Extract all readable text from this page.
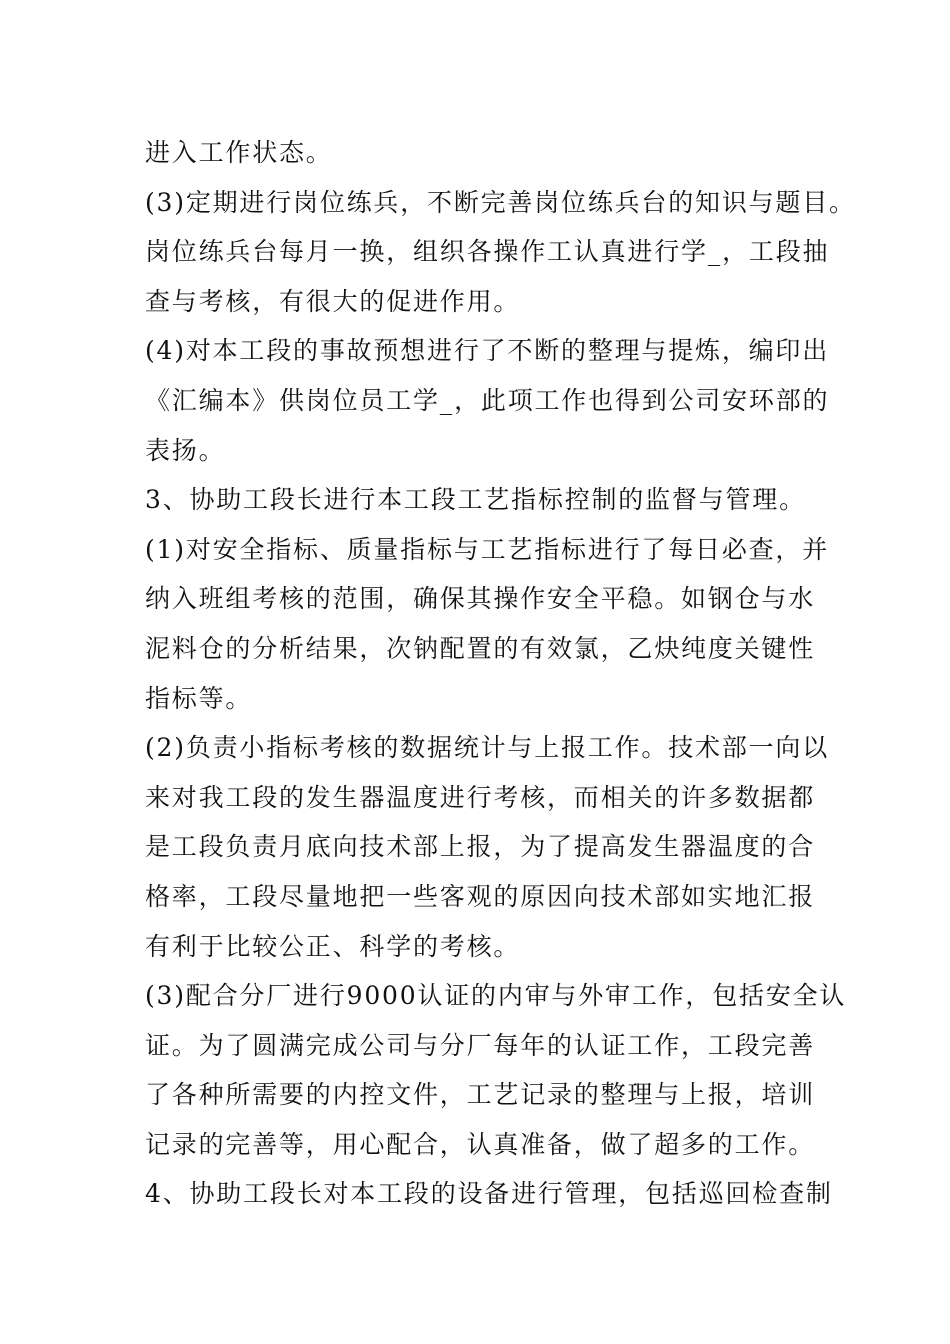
进入工作状态。
(3)定期进行岗位练兵，不断完善岗位练兵台的知识与题目。
岗位练兵台每月一换，组织各操作工认真进行学_，工段抽
查与考核，有很大的促进作用。
(4)对本工段的事故预想进行了不断的整理与提炼，编印出
《汇编本》供岗位员工学_，此项工作也得到公司安环部的
表扬。
3、协助工段长进行本工段工艺指标控制的监督与管理。
(1)对安全指标、质量指标与工艺指标进行了每日必查，并
纳入班组考核的范围，确保其操作安全平稳。如钢仓与水
泥料仓的分析结果，次钠配置的有效氯，乙炔纯度关键性
指标等。
(2)负责小指标考核的数据统计与上报工作。技术部一向以
来对我工段的发生器温度进行考核，而相关的许多数据都
是工段负责月底向技术部上报，为了提高发生器温度的合
格率，工段尽量地把一些客观的原因向技术部如实地汇报
有利于比较公正、科学的考核。
(3)配合分厂进行9000认证的内审与外审工作，包括安全认
证。为了圆满完成公司与分厂每年的认证工作，工段完善
了各种所需要的内控文件，工艺记录的整理与上报，培训
记录的完善等，用心配合，认真准备，做了超多的工作。
4、协助工段长对本工段的设备进行管理，包括巡回检查制
